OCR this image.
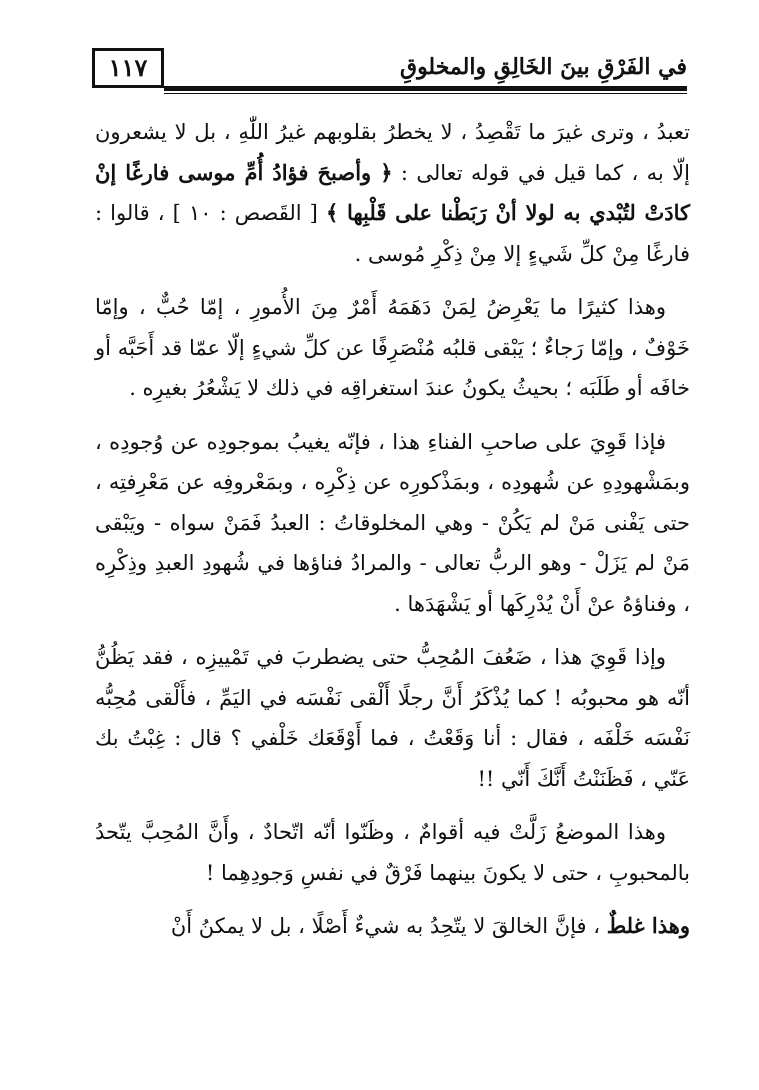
١١٧	في الفَرْقِ بينَ الخَالِقِ والمخلوقِ

تعبدُ ، وترى غيرَ ما تَقْصِدُ ، لا يخطرُ بقلوبهم غيرُ اللّٰهِ ، بل لا يشعرون إلّا به ، كما قيل في قوله تعالى : ﴿ وأصبحَ فؤادُ أُمِّ موسى فارغًا إنْ كادَتْ لتُبْدي به لولا أنْ رَبَطْنا على قَلْبِها ﴾ [ القَصص : ١٠ ] ، قالوا : فارغًا مِنْ كلِّ شَيءٍ إلا مِنْ ذِكْرِ مُوسى .

وهذا كثيرًا ما يَعْرِضُ لِمَنْ دَهَمَهُ أَمْرٌ مِنَ الأُمورِ ، إمّا حُبٌّ ، وإمّا خَوْفٌ ، وإمّا رَجاءٌ ؛ يَبْقى قلبُه مُنْصَرِفًا عن كلِّ شيءٍ إلّا عمّا قد أَحَبَّه أو خافَه أو طَلَبَه ؛ بحيثُ يكونُ عندَ استغراقِه في ذلك لا يَشْعُرُ بغيرِه .

فإذا قَوِيَ على صاحبِ الفناءِ هذا ، فإنّه يغيبُ بموجودِه عن وُجودِه ، وبمَشْهودِهِ عن شُهودِه ، وبمَذْكورِه عن ذِكْرِه ، وبمَعْروفِه عن مَعْرِفتِه ، حتى يَفْنى مَنْ لم يَكُنْ - وهي المخلوقاتُ : العبدُ فَمَنْ سواه - ويَبْقى مَنْ لم يَزَلْ - وهو الربُّ تعالى - والمرادُ فناؤها في شُهودِ العبدِ وذِكْرِه ، وفناؤهُ عنْ أَنْ يُدْرِكَها أو يَشْهَدَها .

وإذا قَوِيَ هذا ، ضَعُفَ المُحِبُّ حتى يضطربَ في تَمْييزِه ، فقد يَظُنُّ أنّه هو محبوبُه ! كما يُذْكَرُ أَنَّ رجلًا أَلْقى نَفْسَه في اليَمِّ ، فأَلْقى مُحِبُّه نَفْسَه خَلْفَه ، فقال : أنا وَقَعْتُ ، فما أَوْقَعَك خَلْفي ؟ قال : غِبْتُ بك عَنّي ، فَظَنَنْتُ أَنَّكَ أَنّي !!

وهذا الموضعُ زَلَّتْ فيه أقوامٌ ، وظَنّوا أنّه اتّحادٌ ، وأَنَّ المُحِبَّ يتّحدُ بالمحبوبِ ، حتى لا يكونَ بينهما فَرْقٌ في نفسِ وَجودِهِما !

وهذا غلطٌ ، فإنَّ الخالقَ لا يتّحِدُ به شيءٌ أَصْلًا ، بل لا يمكنُ أَنْ
